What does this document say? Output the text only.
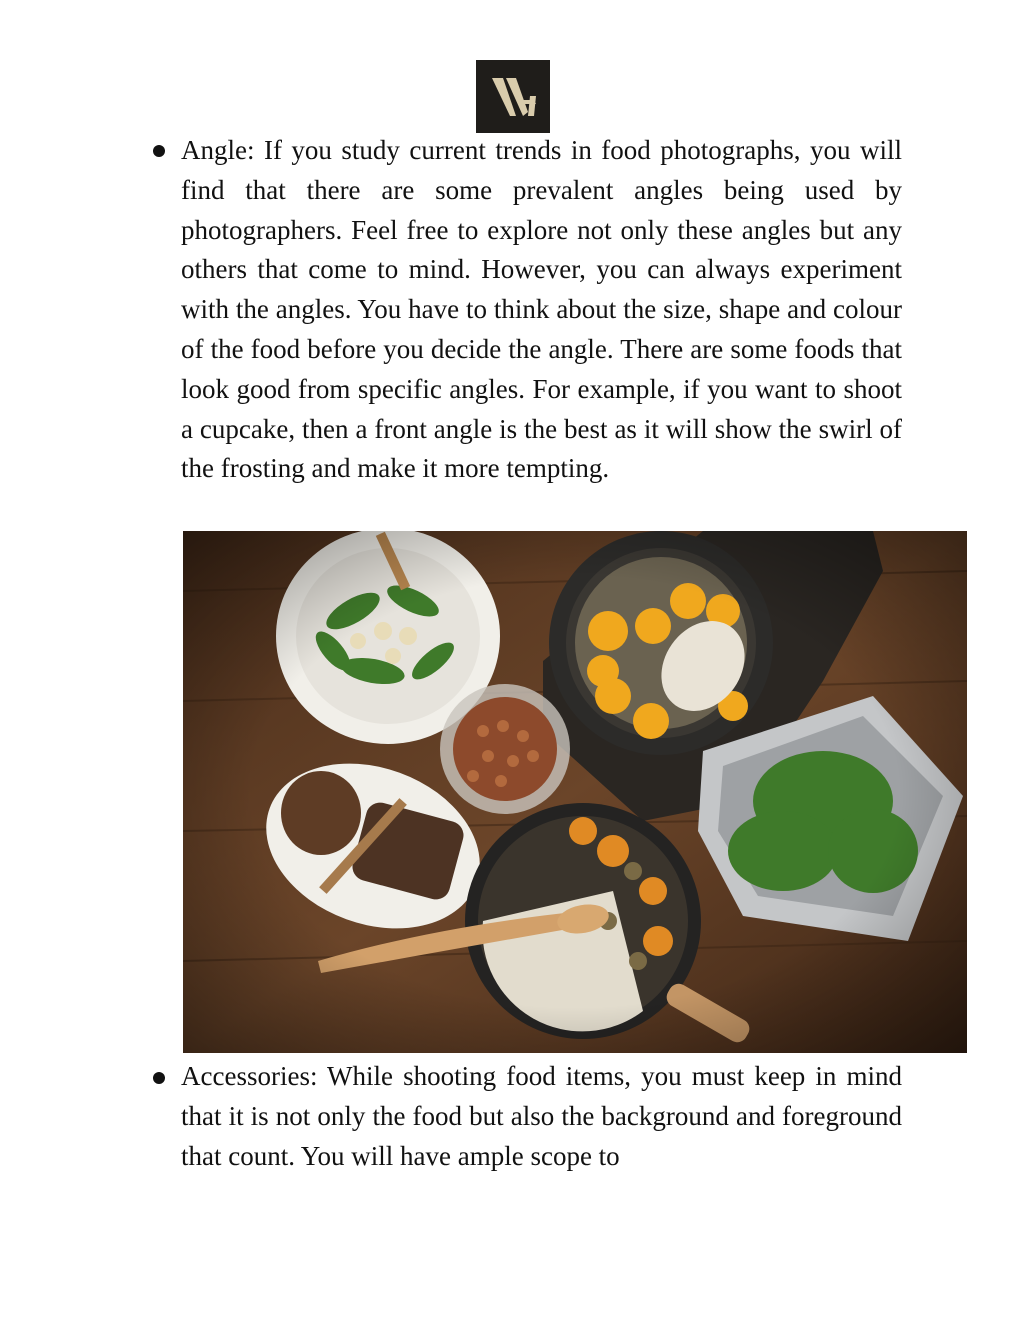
Angle: If you study current trends in food photographs, you will find that there are some prevalent angles being used by photographers. Feel free to explore not only these angles but any others that come to mind. However, you can always experiment with the angles. You have to think about the size, shape and colour of the food before you decide the angle. There are some foods that look good from specific angles. For example, if you want to shoot a cupcake, then a front angle is the best as it will show the swirl of the frosting and make it more tempting.

Accessories: While shooting food items, you must keep in mind that it is not only the food but also the background and foreground that count. You will have ample scope to
